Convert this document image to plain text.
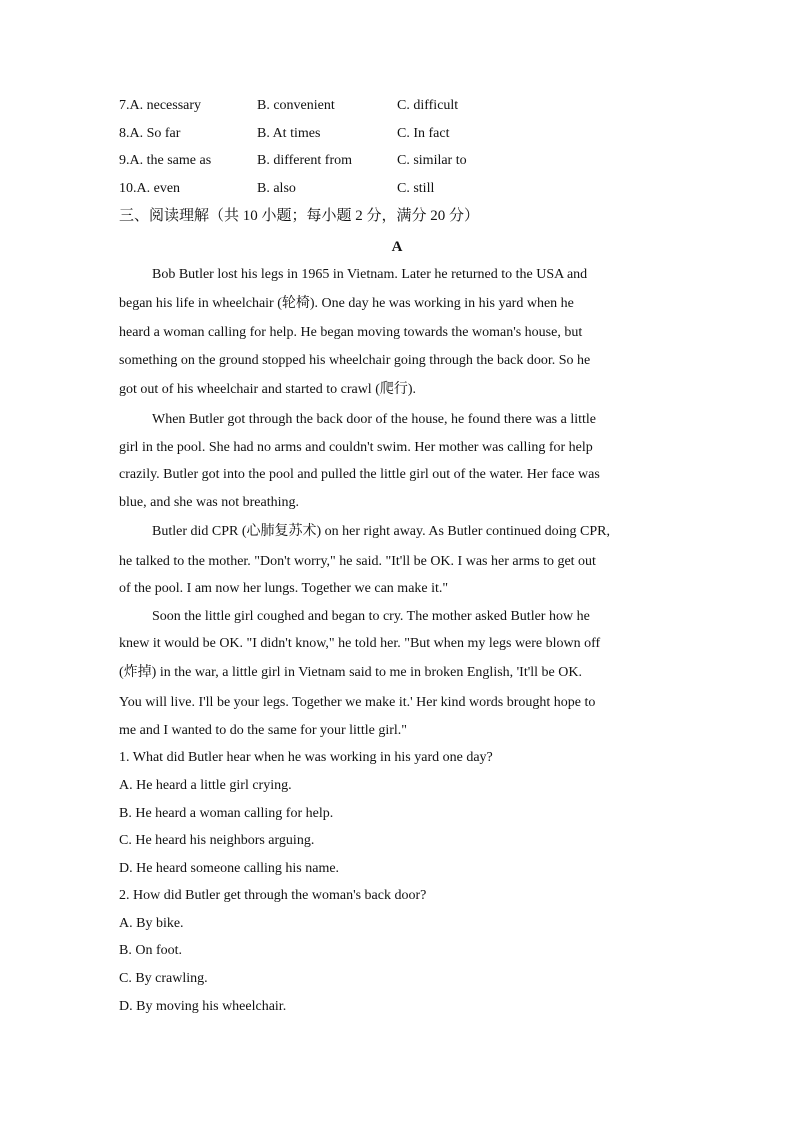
7.A. necessary	B. convenient	C. difficult
8.A. So far	B. At times	C. In fact
9.A. the same as	B. different from	C. similar to
10.A. even	B. also	C. still
三、阅读理解（共 10 小题；每小题 2 分，满分 20 分）
A
Bob Butler lost his legs in 1965 in Vietnam. Later he returned to the USA and
began his life in wheelchair (轮椅). One day he was working in his yard when he
heard a woman calling for help. He began moving towards the woman's house, but
something on the ground stopped his wheelchair going through the back door. So he
got out of his wheelchair and started to crawl (爬行).
When Butler got through the back door of the house, he found there was a little
girl in the pool. She had no arms and couldn't swim. Her mother was calling for help
crazily. Butler got into the pool and pulled the little girl out of the water. Her face was
blue, and she was not breathing.
Butler did CPR (心肺复苏术) on her right away. As Butler continued doing CPR,
he talked to the mother. "Don't worry," he said. "It'll be OK. I was her arms to get out
of the pool. I am now her lungs. Together we can make it."
Soon the little girl coughed and began to cry. The mother asked Butler how he
knew it would be OK. "I didn't know," he told her. "But when my legs were blown off
(炸掉) in the war, a little girl in Vietnam said to me in broken English, 'It'll be OK.
You will live. I'll be your legs. Together we make it.' Her kind words brought hope to
me and I wanted to do the same for your little girl."
1. What did Butler hear when he was working in his yard one day?
A. He heard a little girl crying.
B. He heard a woman calling for help.
C. He heard his neighbors arguing.
D. He heard someone calling his name.
2. How did Butler get through the woman's back door?
A. By bike.
B. On foot.
C. By crawling.
D. By moving his wheelchair.
